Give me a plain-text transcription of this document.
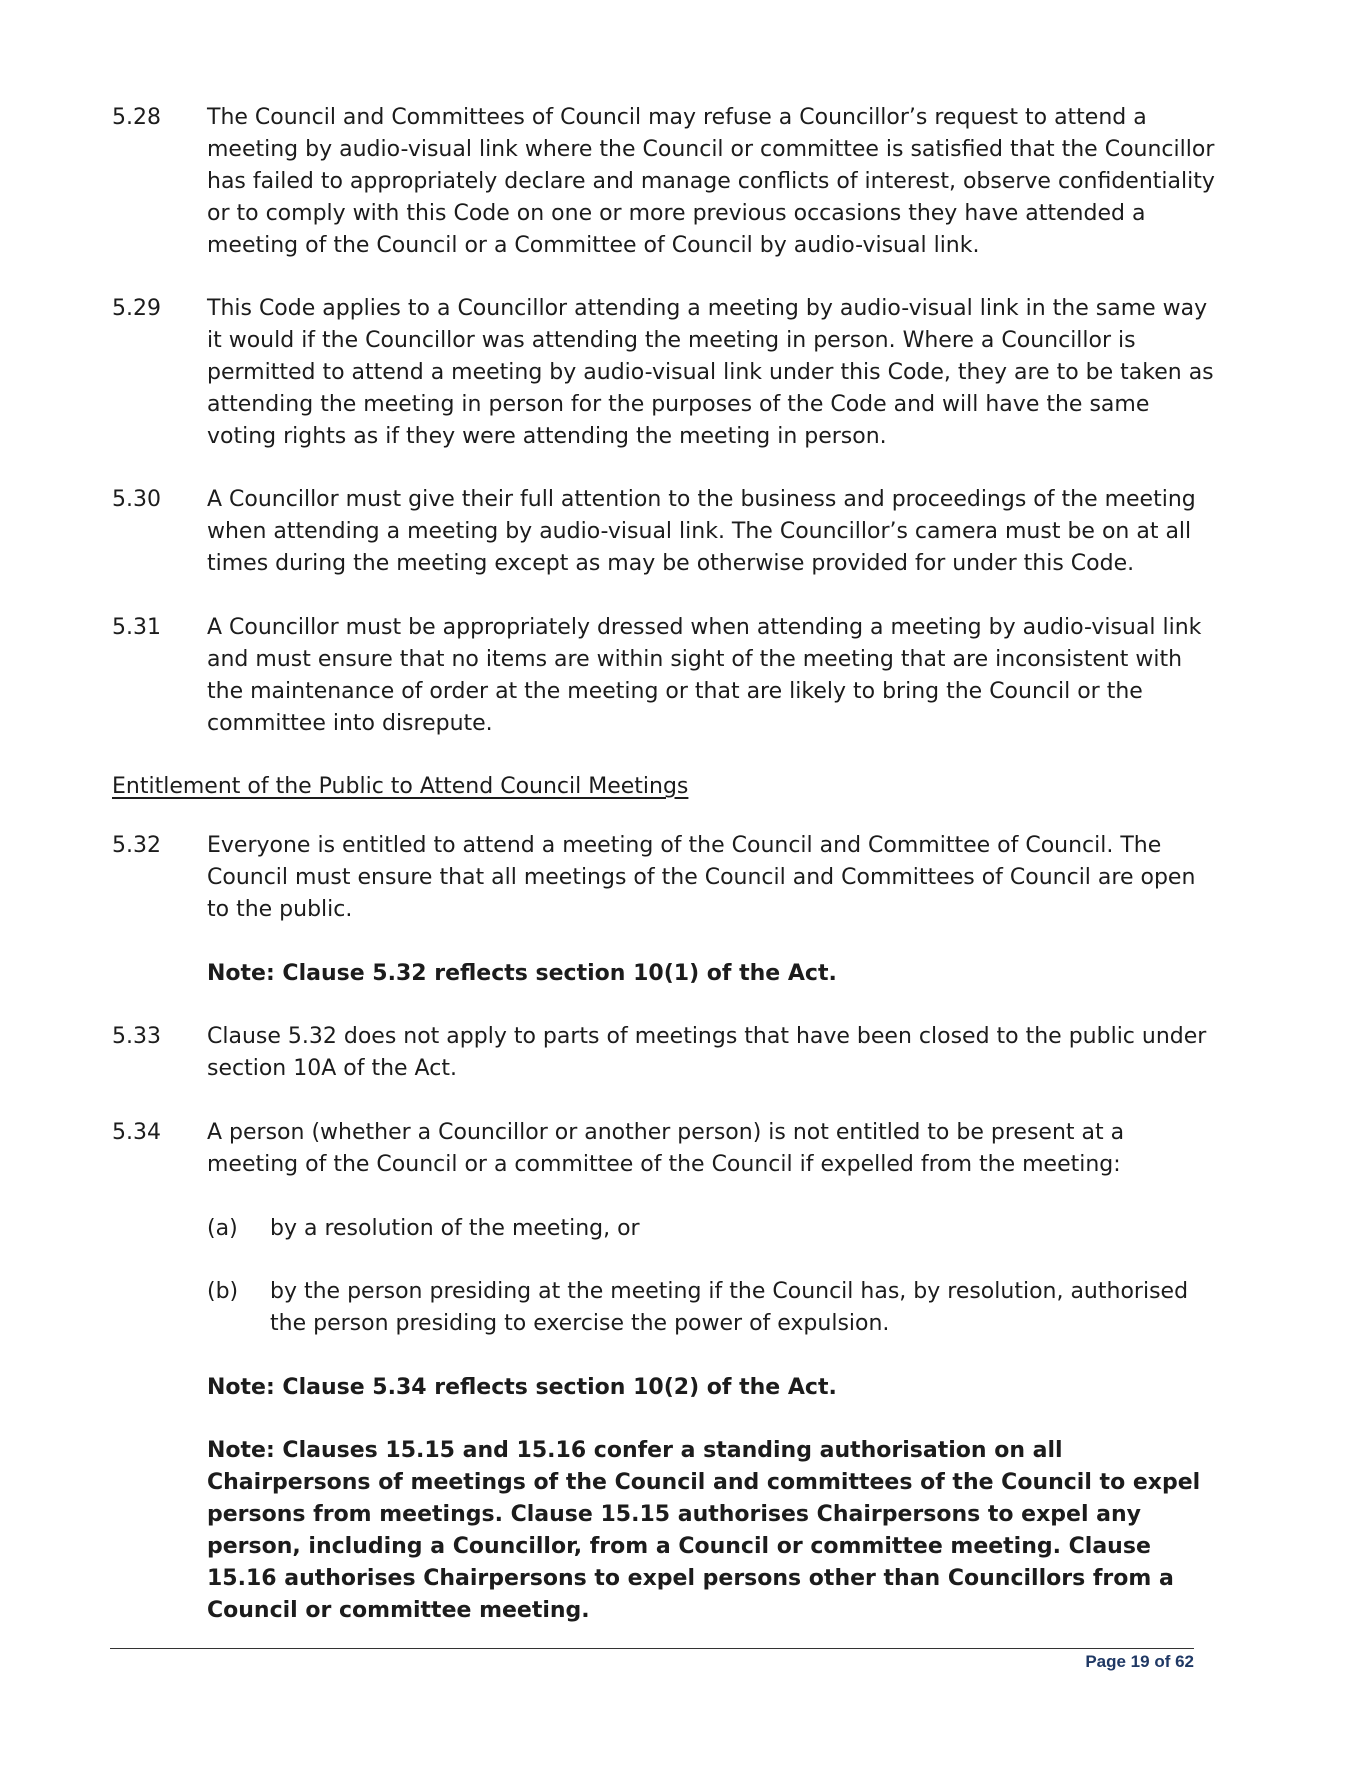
5.28 The Council and Committees of Council may refuse a Councillor’s request to attend a meeting by audio-visual link where the Council or committee is satisfied that the Councillor has failed to appropriately declare and manage conflicts of interest, observe confidentiality or to comply with this Code on one or more previous occasions they have attended a meeting of the Council or a Committee of Council by audio-visual link.
5.29 This Code applies to a Councillor attending a meeting by audio-visual link in the same way it would if the Councillor was attending the meeting in person. Where a Councillor is permitted to attend a meeting by audio-visual link under this Code, they are to be taken as attending the meeting in person for the purposes of the Code and will have the same voting rights as if they were attending the meeting in person.
5.30 A Councillor must give their full attention to the business and proceedings of the meeting when attending a meeting by audio-visual link. The Councillor’s camera must be on at all times during the meeting except as may be otherwise provided for under this Code.
5.31 A Councillor must be appropriately dressed when attending a meeting by audio-visual link and must ensure that no items are within sight of the meeting that are inconsistent with the maintenance of order at the meeting or that are likely to bring the Council or the committee into disrepute.
Entitlement of the Public to Attend Council Meetings
5.32 Everyone is entitled to attend a meeting of the Council and Committee of Council. The Council must ensure that all meetings of the Council and Committees of Council are open to the public.
Note: Clause 5.32 reflects section 10(1) of the Act.
5.33 Clause 5.32 does not apply to parts of meetings that have been closed to the public under section 10A of the Act.
5.34 A person (whether a Councillor or another person) is not entitled to be present at a meeting of the Council or a committee of the Council if expelled from the meeting:
(a) by a resolution of the meeting, or
(b) by the person presiding at the meeting if the Council has, by resolution, authorised the person presiding to exercise the power of expulsion.
Note: Clause 5.34 reflects section 10(2) of the Act.
Note: Clauses 15.15 and 15.16 confer a standing authorisation on all Chairpersons of meetings of the Council and committees of the Council to expel persons from meetings. Clause 15.15 authorises Chairpersons to expel any person, including a Councillor, from a Council or committee meeting. Clause 15.16 authorises Chairpersons to expel persons other than Councillors from a Council or committee meeting.
Page 19 of 62
